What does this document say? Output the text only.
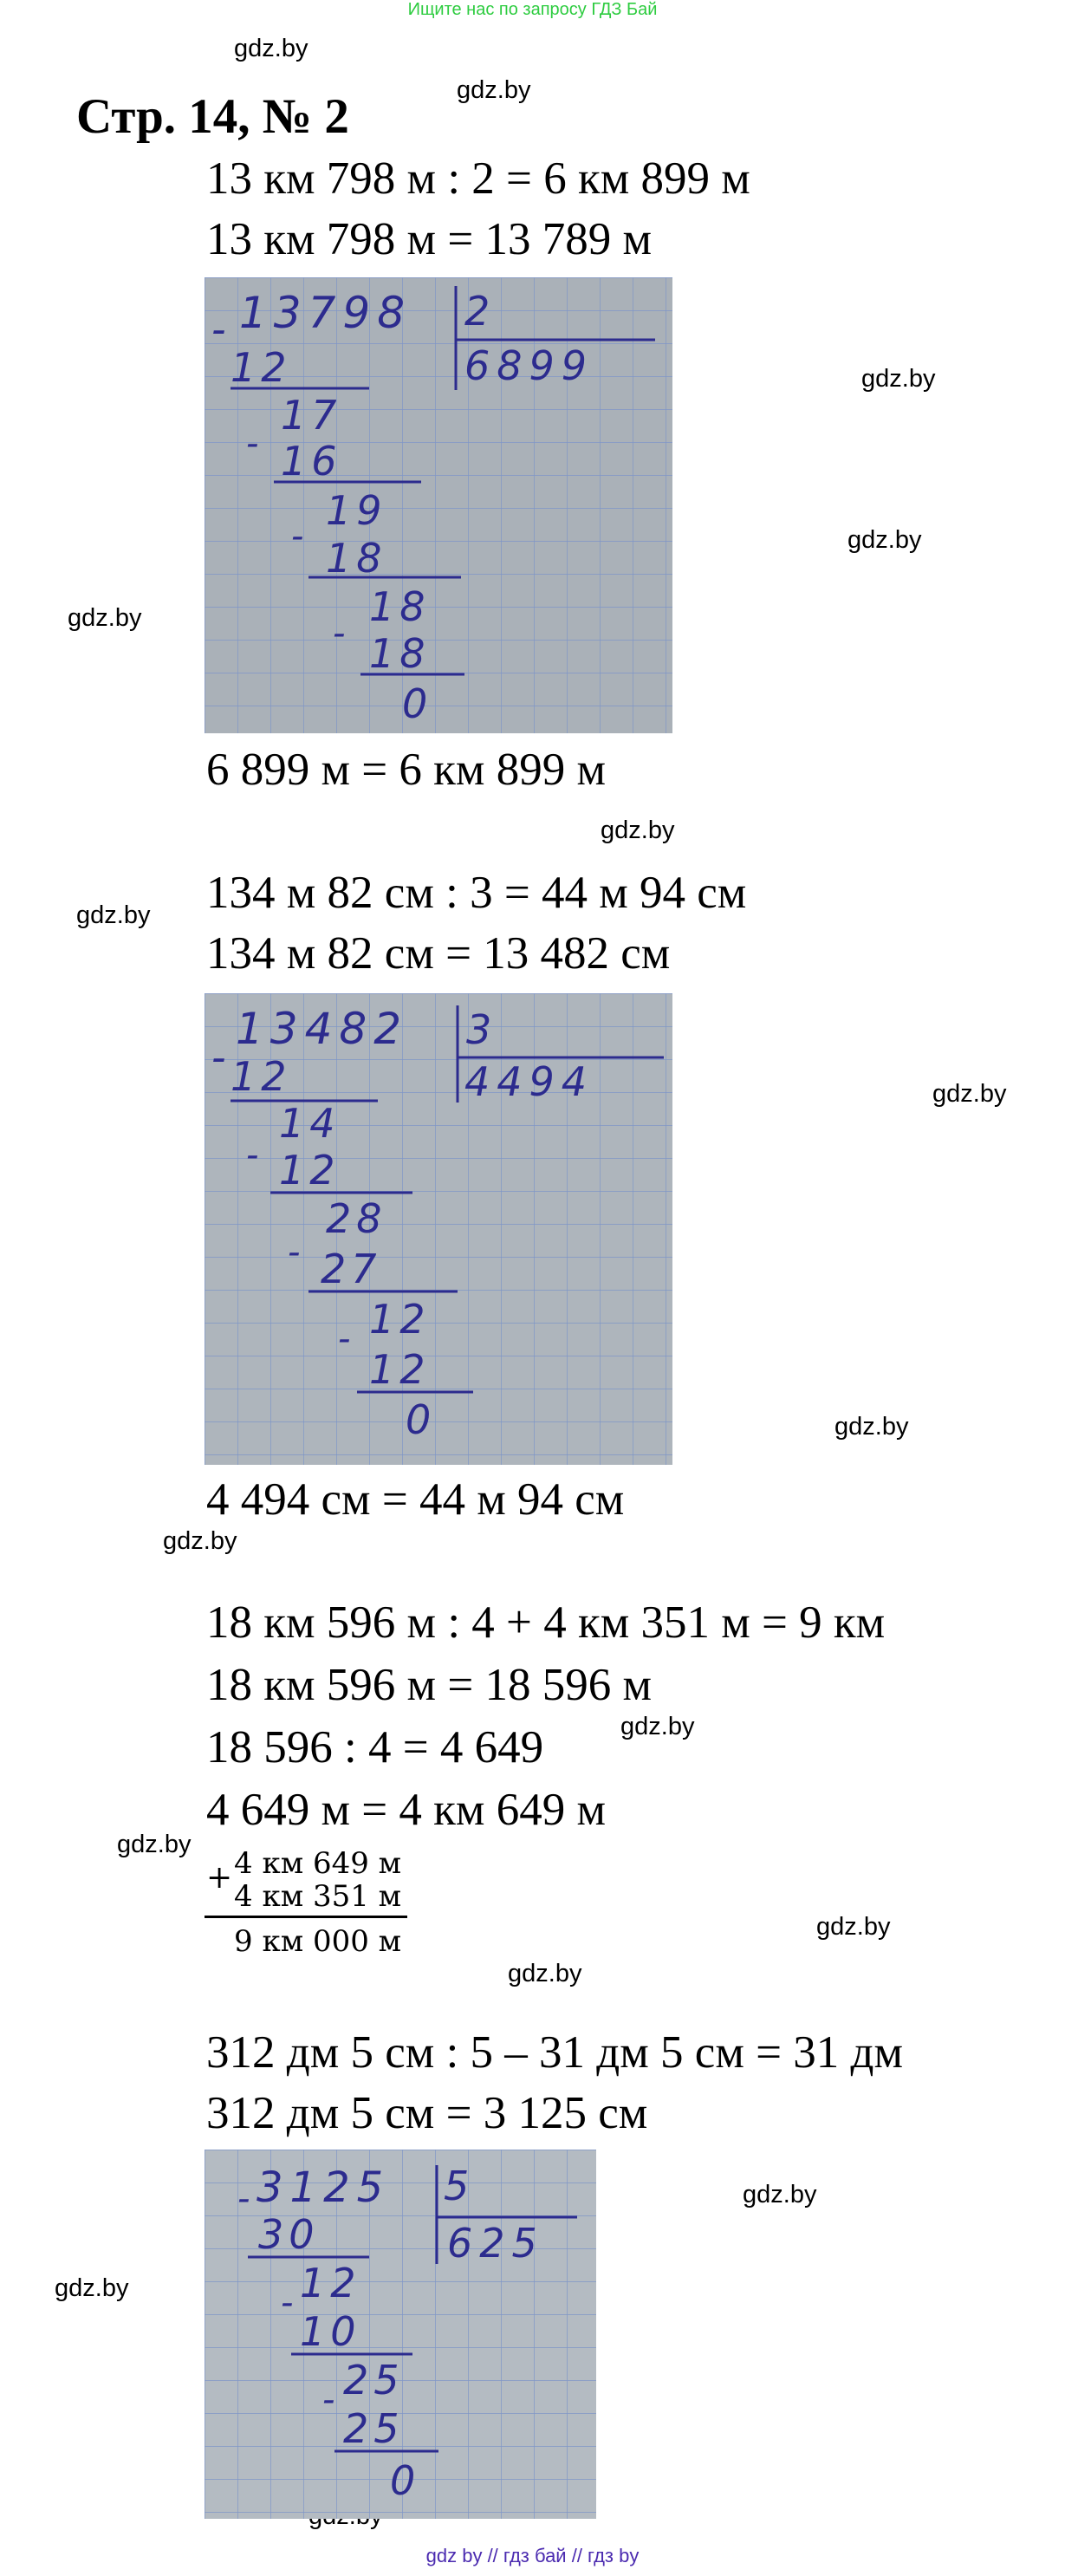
Ищите нас по запросу ГДЗ Бай
gdz.by
gdz.by
gdz.by
gdz.by
gdz.by
gdz.by
gdz.by
gdz.by
gdz.by
gdz.by
gdz.by
gdz.by
gdz.by
gdz.by
gdz.by
gdz.by
Стр. 14, № 2
13 км 798 м : 2 = 6 км 899 м
13 км 798 м = 13 789 м
13798
-	2
6899
12
17
- 16
19
- 18
18
- 18
0
6 899 м = 6 км 899 м
134 м 82 см : 3 = 44 м 94 см
134 м 82 см = 13 482 см
13482
-
3
4494
12
14
- 12
28
- 27
12
-
12
0
4 494 см = 44 м 94 см
18 км 596 м : 4 + 4 км 351 м = 9 км
18 км 596 м = 18 596 м
18 596 : 4 = 4 649
4 649 м = 4 км 649 м
+ 4 км 649 м
4 км 351 м
9 км 000 м
312 дм 5 см : 5 – 31 дм 5 см = 31 дм
312 дм 5 см = 3 125 см
3125
-	5
625
30
12
-
10
25
-
25
0
gdz by // гдз бай // гдз by
